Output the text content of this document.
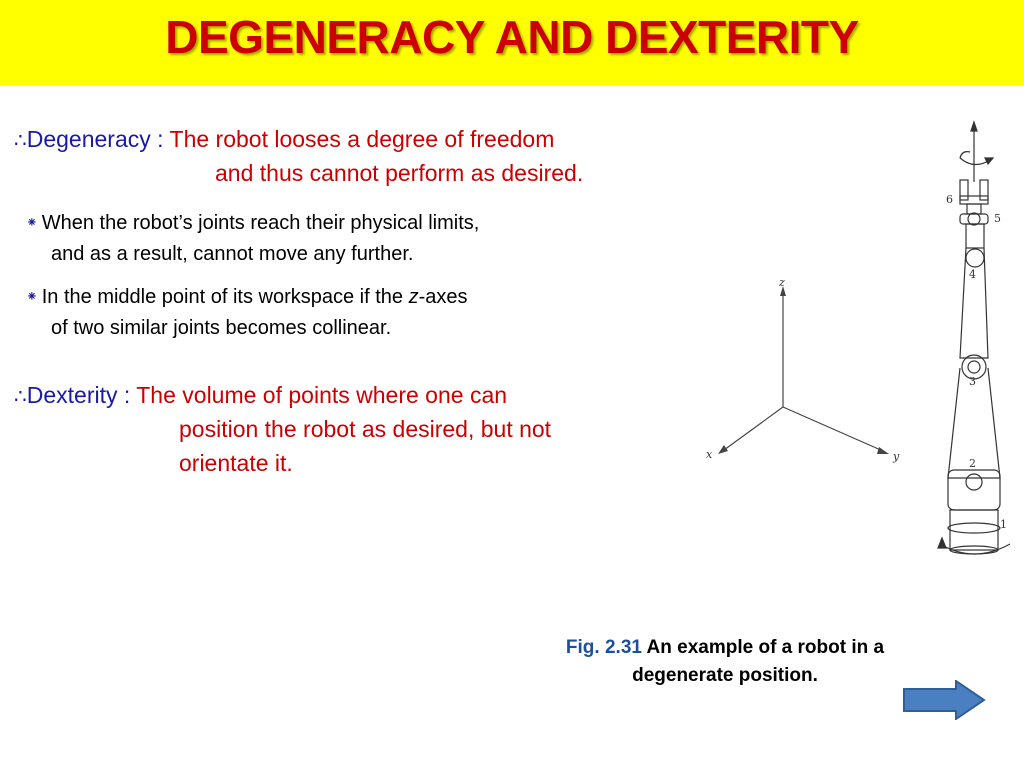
DEGENERACY AND DEXTERITY
∴Degeneracy : The robot looses a degree of freedom
and thus cannot perform as desired.
⁕ When the robot’s joints reach their physical limits,
and as a result, cannot move any further.
⁕ In the middle point of its workspace if the z-axes
of two similar joints becomes collinear.
∴Dexterity : The volume of points where one can
position the robot as desired, but not
orientate it.
z
x	y
6
5
4
3
2
1
Fig. 2.31 An example of a robot in a
degenerate position.
